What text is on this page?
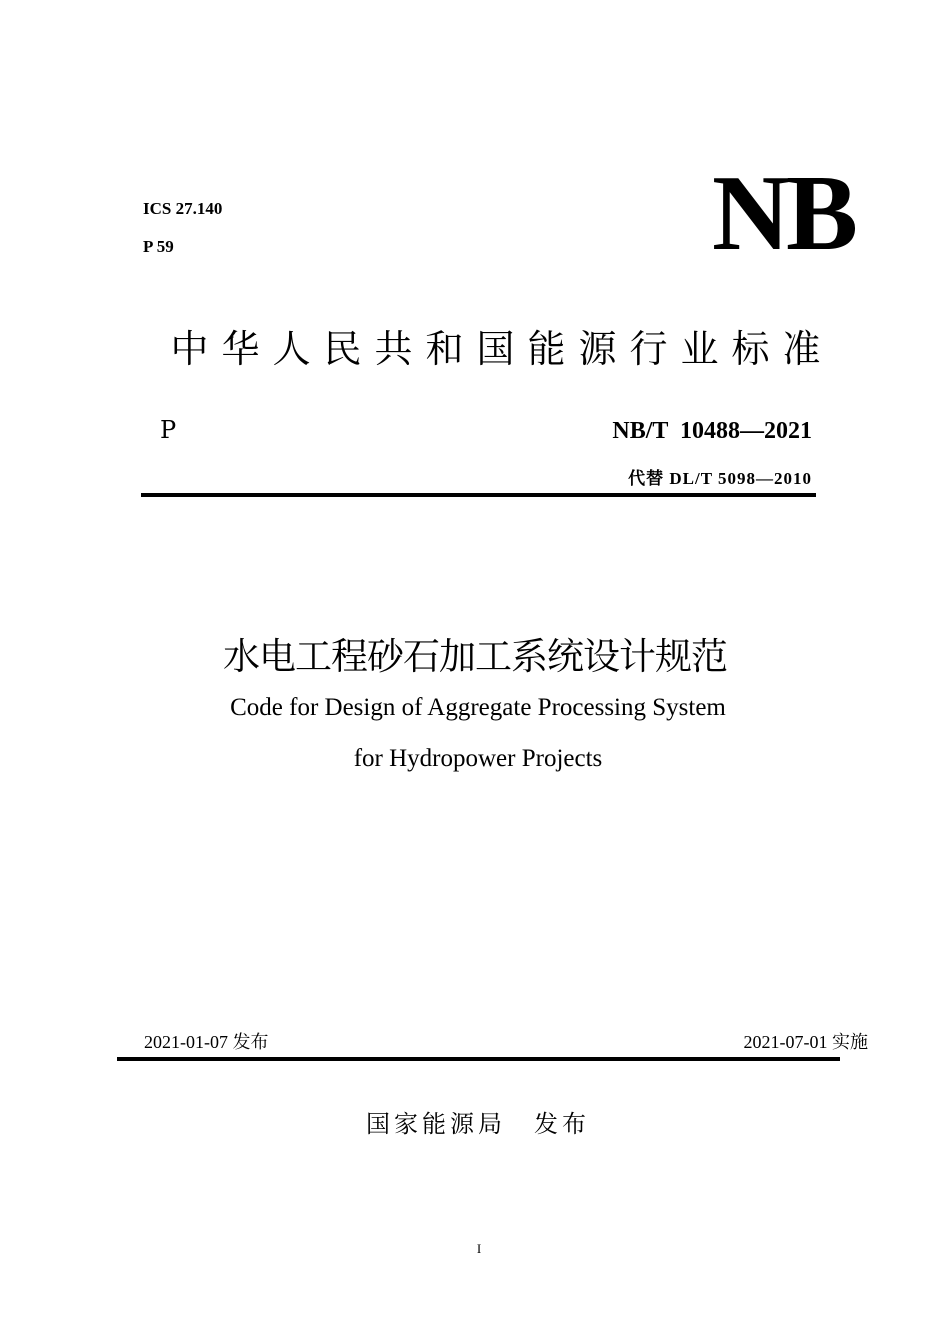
ICS 27.140
P 59	NB
中华人民共和国能源行业标准
P	NB/T 10488—2021
代替 DL/T 5098—2010
水电工程砂石加工系统设计规范
Code for Design of Aggregate Processing System
for Hydropower Projects
2021-01-07 发布	2021-07-01 实施
国家能源局 发布
I
